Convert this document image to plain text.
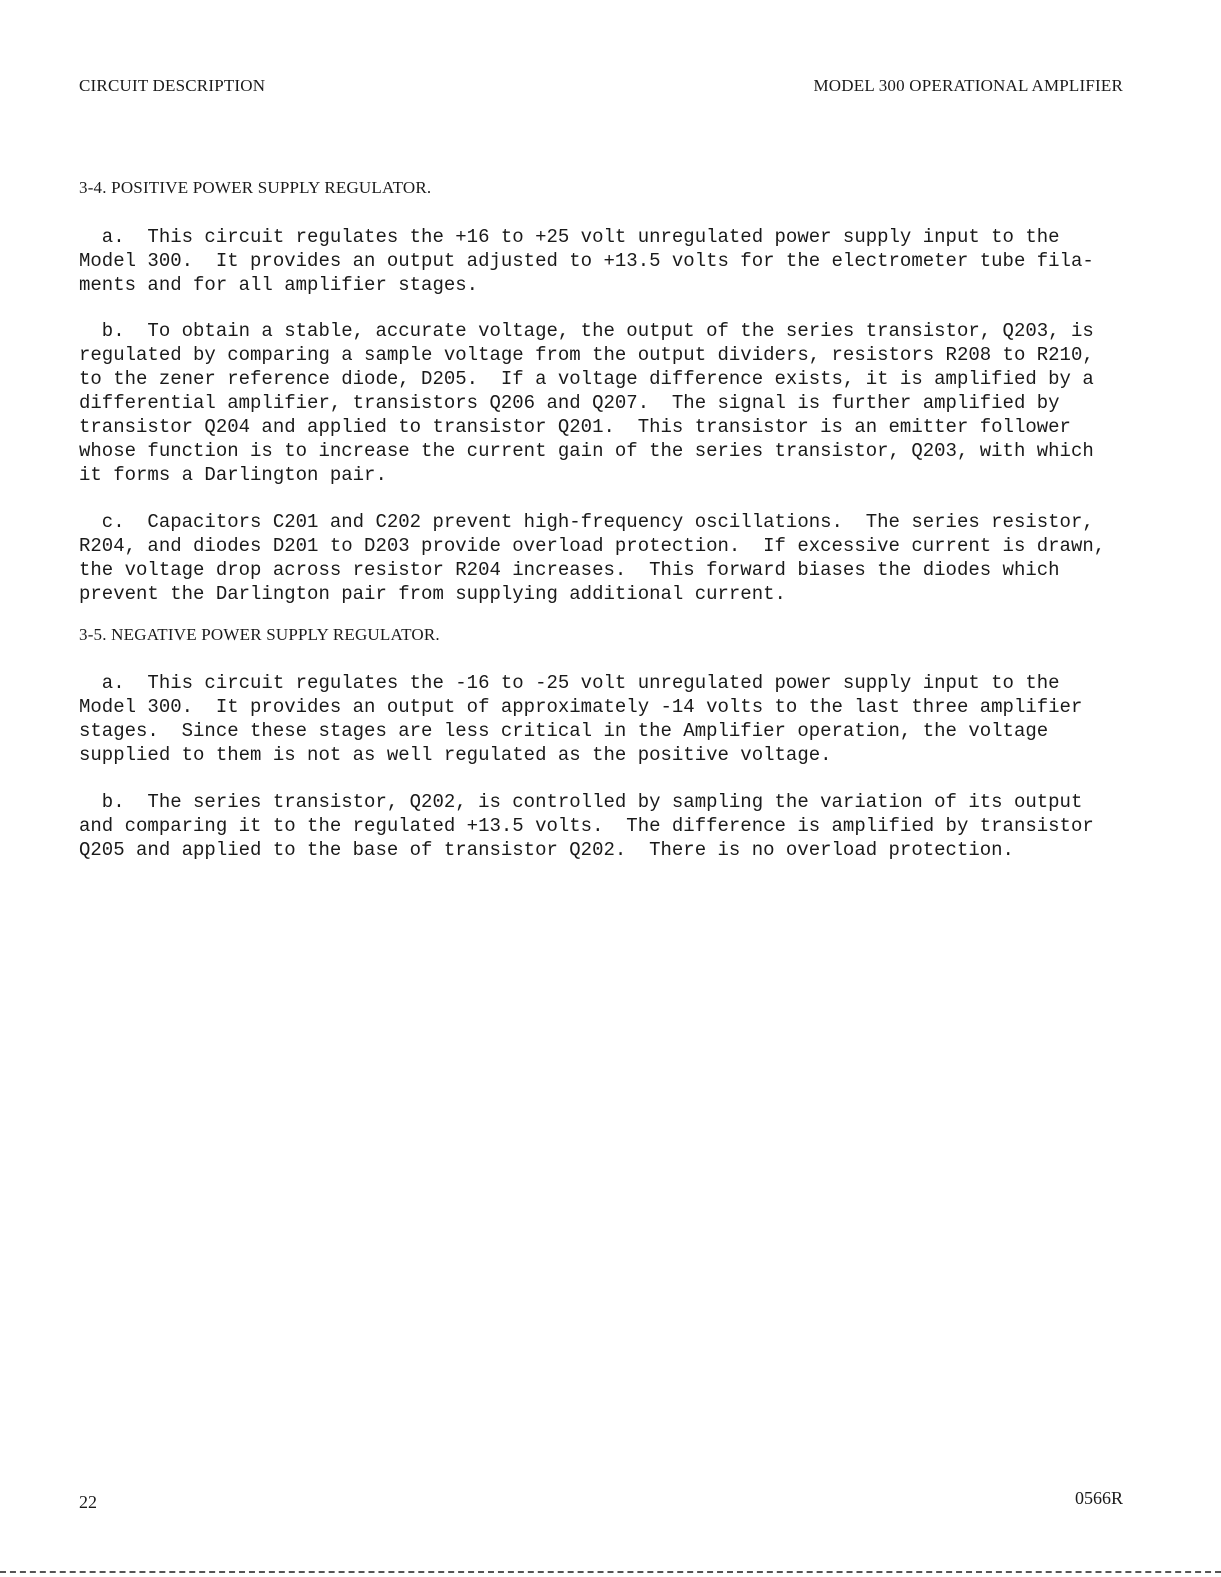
CIRCUIT DESCRIPTION	MODEL 300 OPERATIONAL AMPLIFIER
3-4. POSITIVE POWER SUPPLY REGULATOR.
a.  This circuit regulates the +16 to +25 volt unregulated power supply input to the
Model 300.  It provides an output adjusted to +13.5 volts for the electrometer tube fila-
ments and for all amplifier stages.
b.  To obtain a stable, accurate voltage, the output of the series transistor, Q203, is
regulated by comparing a sample voltage from the output dividers, resistors R208 to R210,
to the zener reference diode, D205.  If a voltage difference exists, it is amplified by a
differential amplifier, transistors Q206 and Q207.  The signal is further amplified by
transistor Q204 and applied to transistor Q201.  This transistor is an emitter follower
whose function is to increase the current gain of the series transistor, Q203, with which
it forms a Darlington pair.
c.  Capacitors C201 and C202 prevent high-frequency oscillations.  The series resistor,
R204, and diodes D201 to D203 provide overload protection.  If excessive current is drawn,
the voltage drop across resistor R204 increases.  This forward biases the diodes which
prevent the Darlington pair from supplying additional current.
3-5. NEGATIVE POWER SUPPLY REGULATOR.
a.  This circuit regulates the -16 to -25 volt unregulated power supply input to the
Model 300.  It provides an output of approximately -14 volts to the last three amplifier
stages.  Since these stages are less critical in the Amplifier operation, the voltage
supplied to them is not as well regulated as the positive voltage.
b.  The series transistor, Q202, is controlled by sampling the variation of its output
and comparing it to the regulated +13.5 volts.  The difference is amplified by transistor
Q205 and applied to the base of transistor Q202.  There is no overload protection.
22	0566R
